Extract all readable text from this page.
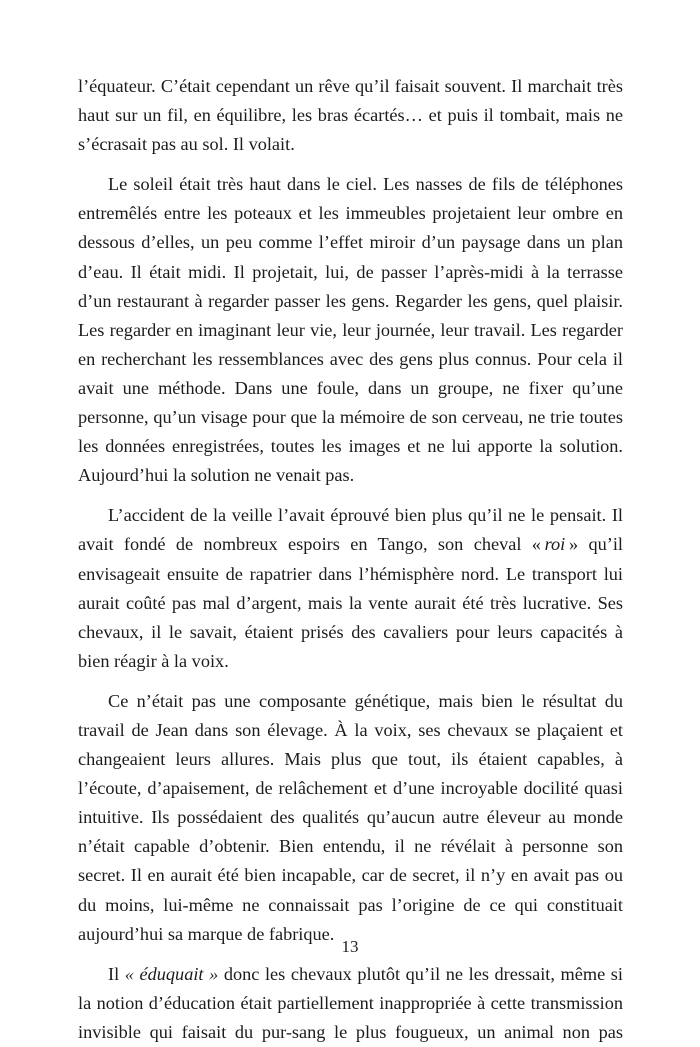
l’équateur. C’était cependant un rêve qu’il faisait souvent. Il marchait très haut sur un fil, en équilibre, les bras écartés… et puis il tombait, mais ne s’écrasait pas au sol. Il volait.

Le soleil était très haut dans le ciel. Les nasses de fils de téléphones entremêlés entre les poteaux et les immeubles projetaient leur ombre en dessous d’elles, un peu comme l’effet miroir d’un paysage dans un plan d’eau. Il était midi. Il projetait, lui, de passer l’après-midi à la terrasse d’un restaurant à regarder passer les gens. Regarder les gens, quel plaisir. Les regarder en imaginant leur vie, leur journée, leur travail. Les regarder en recherchant les ressemblances avec des gens plus connus. Pour cela il avait une méthode. Dans une foule, dans un groupe, ne fixer qu’une personne, qu’un visage pour que la mémoire de son cerveau, ne trie toutes les données enregistrées, toutes les images et ne lui apporte la solution. Aujourd’hui la solution ne venait pas.

L’accident de la veille l’avait éprouvé bien plus qu’il ne le pensait. Il avait fondé de nombreux espoirs en Tango, son cheval «  roi  » qu’il envisageait ensuite de rapatrier dans l’hémisphère nord. Le transport lui aurait coûté pas mal d’argent, mais la vente aurait été très lucrative. Ses chevaux, il le savait, étaient prisés des cavaliers pour leurs capacités à bien réagir à la voix.

Ce n’était pas une composante génétique, mais bien le résultat du travail de Jean dans son élevage. À la voix, ses chevaux se plaçaient et changeaient leurs allures. Mais plus que tout, ils étaient capables, à l’écoute, d’apaisement, de relâchement et d’une incroyable docilité quasi intuitive. Ils possédaient des qualités qu’aucun autre éleveur au monde n’était capable d’obtenir. Bien entendu, il ne révélait à personne son secret. Il en aurait été bien incapable, car de secret, il n’y en avait pas ou du moins, lui-même ne connaissait pas l’origine de ce qui constituait aujourd’hui sa marque de fabrique.

Il « éduquait » donc les chevaux plutôt qu’il ne les dressait, même si la notion d’éducation était partiellement inappropriée à cette transmission invisible qui faisait du pur-sang le plus fougueux, un animal non pas

13
